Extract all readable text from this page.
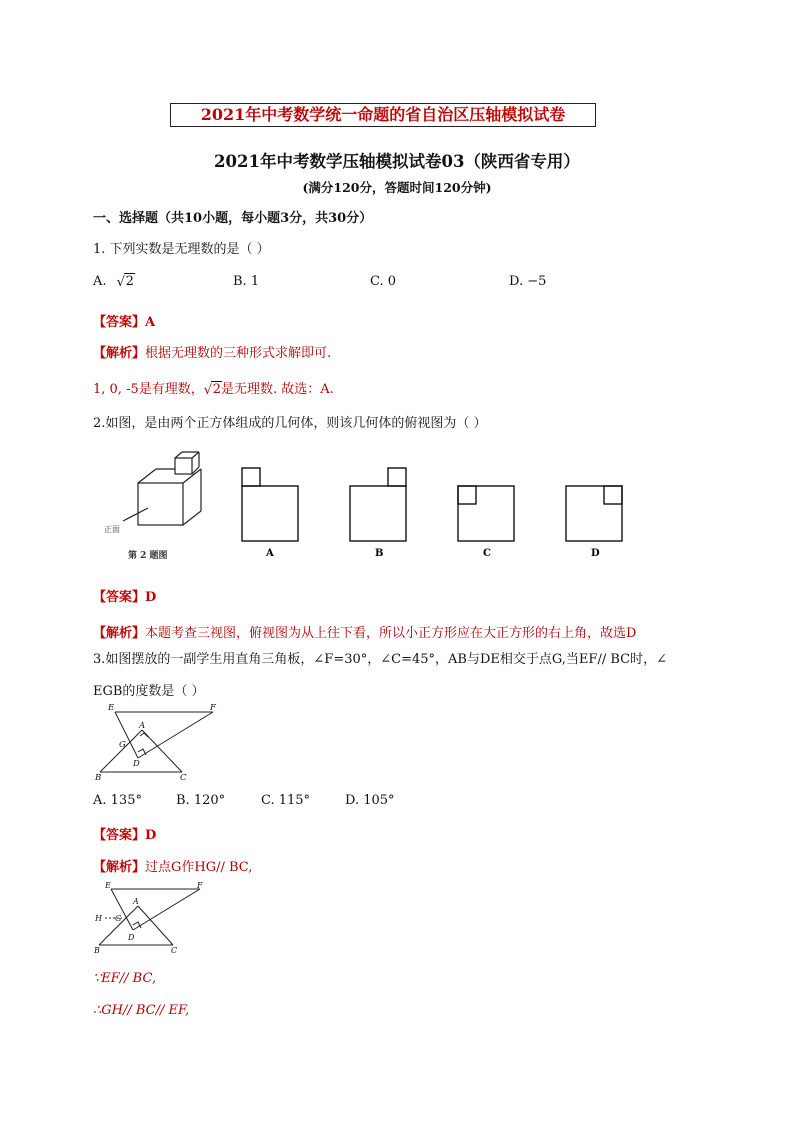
2021年中考数学统一命题的省自治区压轴模拟试卷
2021年中考数学压轴模拟试卷03（陕西省专用）
(满分120分，答题时间120分钟)
一、选择题（共10小题，每小题3分，共30分）
1. 下列实数是无理数的是（ ）
A. √ 2	B. 1	C. 0	D. −5
【答案】A
【解析】根据无理数的三种形式求解即可.
1, 0, -5是有理数， √ 2是无理数. 故选：A.
2.如图，是由两个正方体组成的几何体，则该几何体的俯视图为（ ）
正面
第 2 题图	A	B	C	D
【答案】D
【解析】本题考查三视图，俯视图为从上往下看，所以小正方形应在大正方形的右上角，故选D
3.如图摆放的一副学生用直角三角板，∠F=30°，∠C=45°，AB与DE相交于点G,当EF// BC时，∠
EGB的度数是（ ）
E	F
A
G
D
B	C
A. 135°	B. 120°	C. 115°	D. 105°
【答案】D
【解析】过点G作HG// BC,
E	F
A
H G
D
B	C
∵EF// BC,
∴GH// BC// EF,
